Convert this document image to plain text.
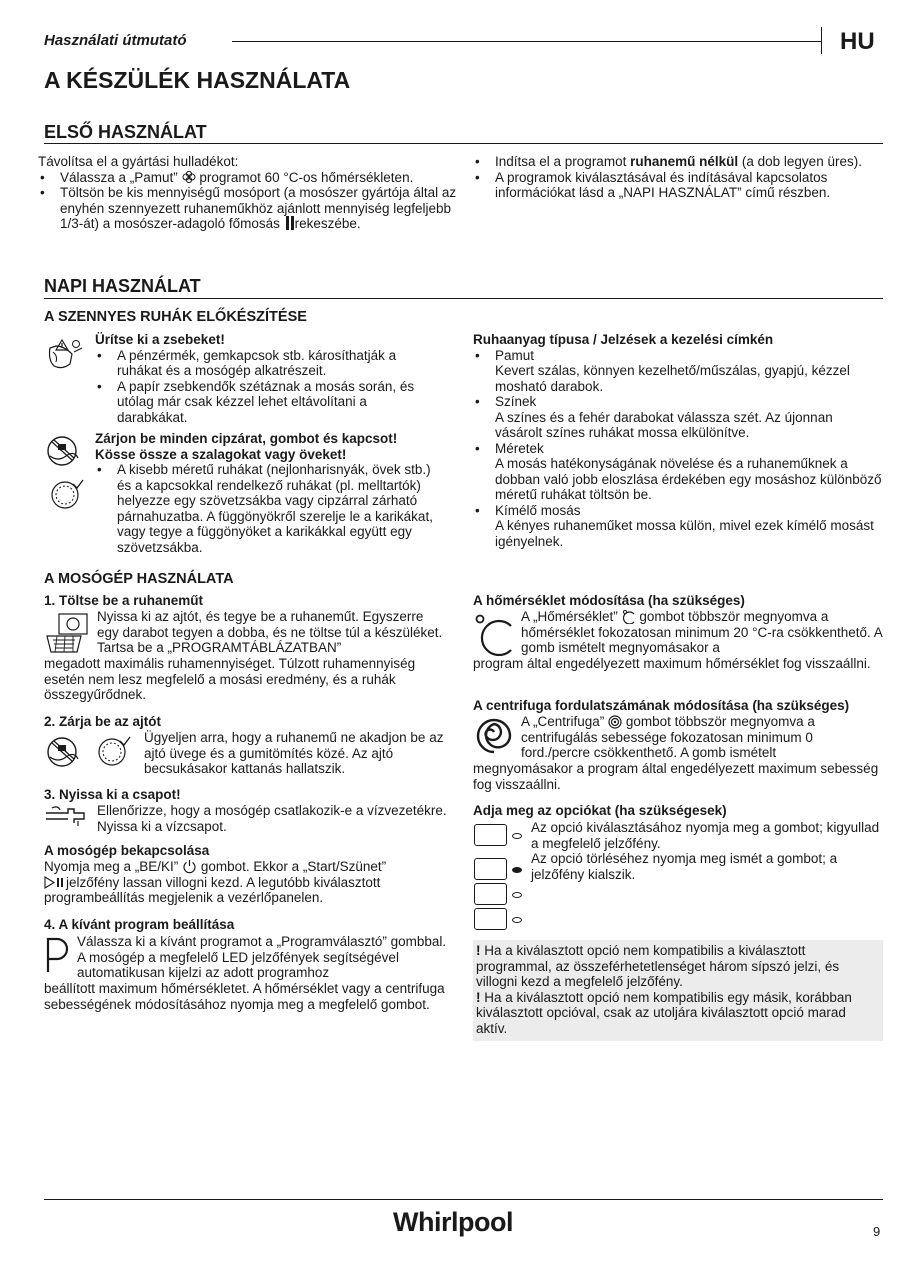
Használati útmutató	HU
A KÉSZÜLÉK HASZNÁLATA
ELSŐ HASZNÁLAT

Távolítsa el a gyártási hulladékot:

• Válassza a „Pamut” programot 60 °C-os hőmérsékleten.
• Töltsön be kis mennyiségű mosóport (a mosószer gyártója által az enyhén szennyezett ruhaneműkhöz ajánlott mennyiség legfeljebb 1/3-át) a mosószer-adagoló főmosás rekeszébe.
• Indítsa el a programot ruhanemű nélkül (a dob legyen üres).
• A programok kiválasztásával és indításával kapcsolatos információkat lásd a „NAPI HASZNÁLAT” című részben.
NAPI HASZNÁLAT
A SZENNYES RUHÁK ELŐKÉSZÍTÉSE

Ürítse ki a zsebeket!

• A pénzérmék, gemkapcsok stb. károsíthatják a ruhákat és a mosógép alkatrészeit.
• A papír zsebkendők szétáznak a mosás során, és utólag már csak kézzel lehet eltávolítani a darabkákat.

Zárjon be minden cipzárat, gombot és kapcsot! Kösse össze a szalagokat vagy öveket!

• A kisebb méretű ruhákat (nejlonharisnyák, övek stb.) és a kapcsokkal rendelkező ruhákat (pl. melltartók) helyezze egy szövetzsákba vagy cipzárral zárható párnahuzatba. A függönyökről szerelje le a karikákat, vagy tegye a függönyöket a karikákkal együtt egy szövetzsákba.

Ruhaanyag típusa / Jelzések a kezelési címkén

• Pamut
Kevert szálas, könnyen kezelhető/műszálas, gyapjú, kézzel mosható darabok.
• Színek
A színes és a fehér darabokat válassza szét. Az újonnan vásárolt színes ruhákat mossa elkülönítve.
• Méretek
A mosás hatékonyságának növelése és a ruhaneműknek a dobban való jobb eloszlása érdekében egy mosáshoz különböző méretű ruhákat töltsön be.
• Kímélő mosás
A kényes ruhaneműket mossa külön, mivel ezek kímélő mosást igényelnek.
A MOSÓGÉP HASZNÁLATA
1. Töltse be a ruhaneműt

Nyissa ki az ajtót, és tegye be a ruhaneműt. Egyszerre egy darabot tegyen a dobba, és ne töltse túl a készüléket. Tartsa be a „PROGRAMTÁBLÁZATBAN”

megadott maximális ruhamennyiséget. Túlzott ruhamennyiség esetén nem lesz megfelelő a mosási eredmény, és a ruhák összegyűrődnek.

2. Zárja be az ajtót

Ügyeljen arra, hogy a ruhanemű ne akadjon be az ajtó üvege és a gumitömítés közé. Az ajtó becsukásakor kattanás hallatszik.

3. Nyissa ki a csapot!

Ellenőrizze, hogy a mosógép csatlakozik-e a vízvezetékre. Nyissa ki a vízcsapot.

A mosógép bekapcsolása

Nyomja meg a „BE/KI” gombot. Ekkor a „Start/Szünet”
jelzőfény lassan villogni kezd. A legutóbb kiválasztott programbeállítás megjelenik a vezérlőpanelen.

4. A kívánt program beállítása

Válassza ki a kívánt programot a „Programválasztó” gombbal. A mosógép a megfelelő LED jelzőfények segítségével automatikusan kijelzi az adott programhoz

beállított maximum hőmérsékletet. A hőmérséklet vagy a centrifuga sebességének módosításához nyomja meg a megfelelő gombot.

A hőmérséklet módosítása (ha szükséges)

A „Hőmérséklet” gombot többször megnyomva a hőmérséklet fokozatosan minimum 20 °C-ra csökkenthető. A gomb ismételt megnyomásakor a

program által engedélyezett maximum hőmérséklet fog visszaállni.

A centrifuga fordulatszámának módosítása (ha szükséges)

A „Centrifuga” gombot többször megnyomva a centrifugálás sebessége fokozatosan minimum 0 ford./percre csökkenthető. A gomb ismételt

megnyomásakor a program által engedélyezett maximum sebesség fog visszaállni.

Adja meg az opciókat (ha szükségesek)

Az opció kiválasztásához nyomja meg a gombot; kigyullad a megfelelő jelzőfény.

Az opció törléséhez nyomja meg ismét a gombot; a jelzőfény kialszik.

! Ha a kiválasztott opció nem kompatibilis a kiválasztott programmal, az összeférhetetlenséget három sípszó jelzi, és villogni kezd a megfelelő jelzőfény.

! Ha a kiválasztott opció nem kompatibilis egy másik, korábban kiválasztott opcióval, csak az utoljára kiválasztott opció marad aktív.

Whirlpool	9
